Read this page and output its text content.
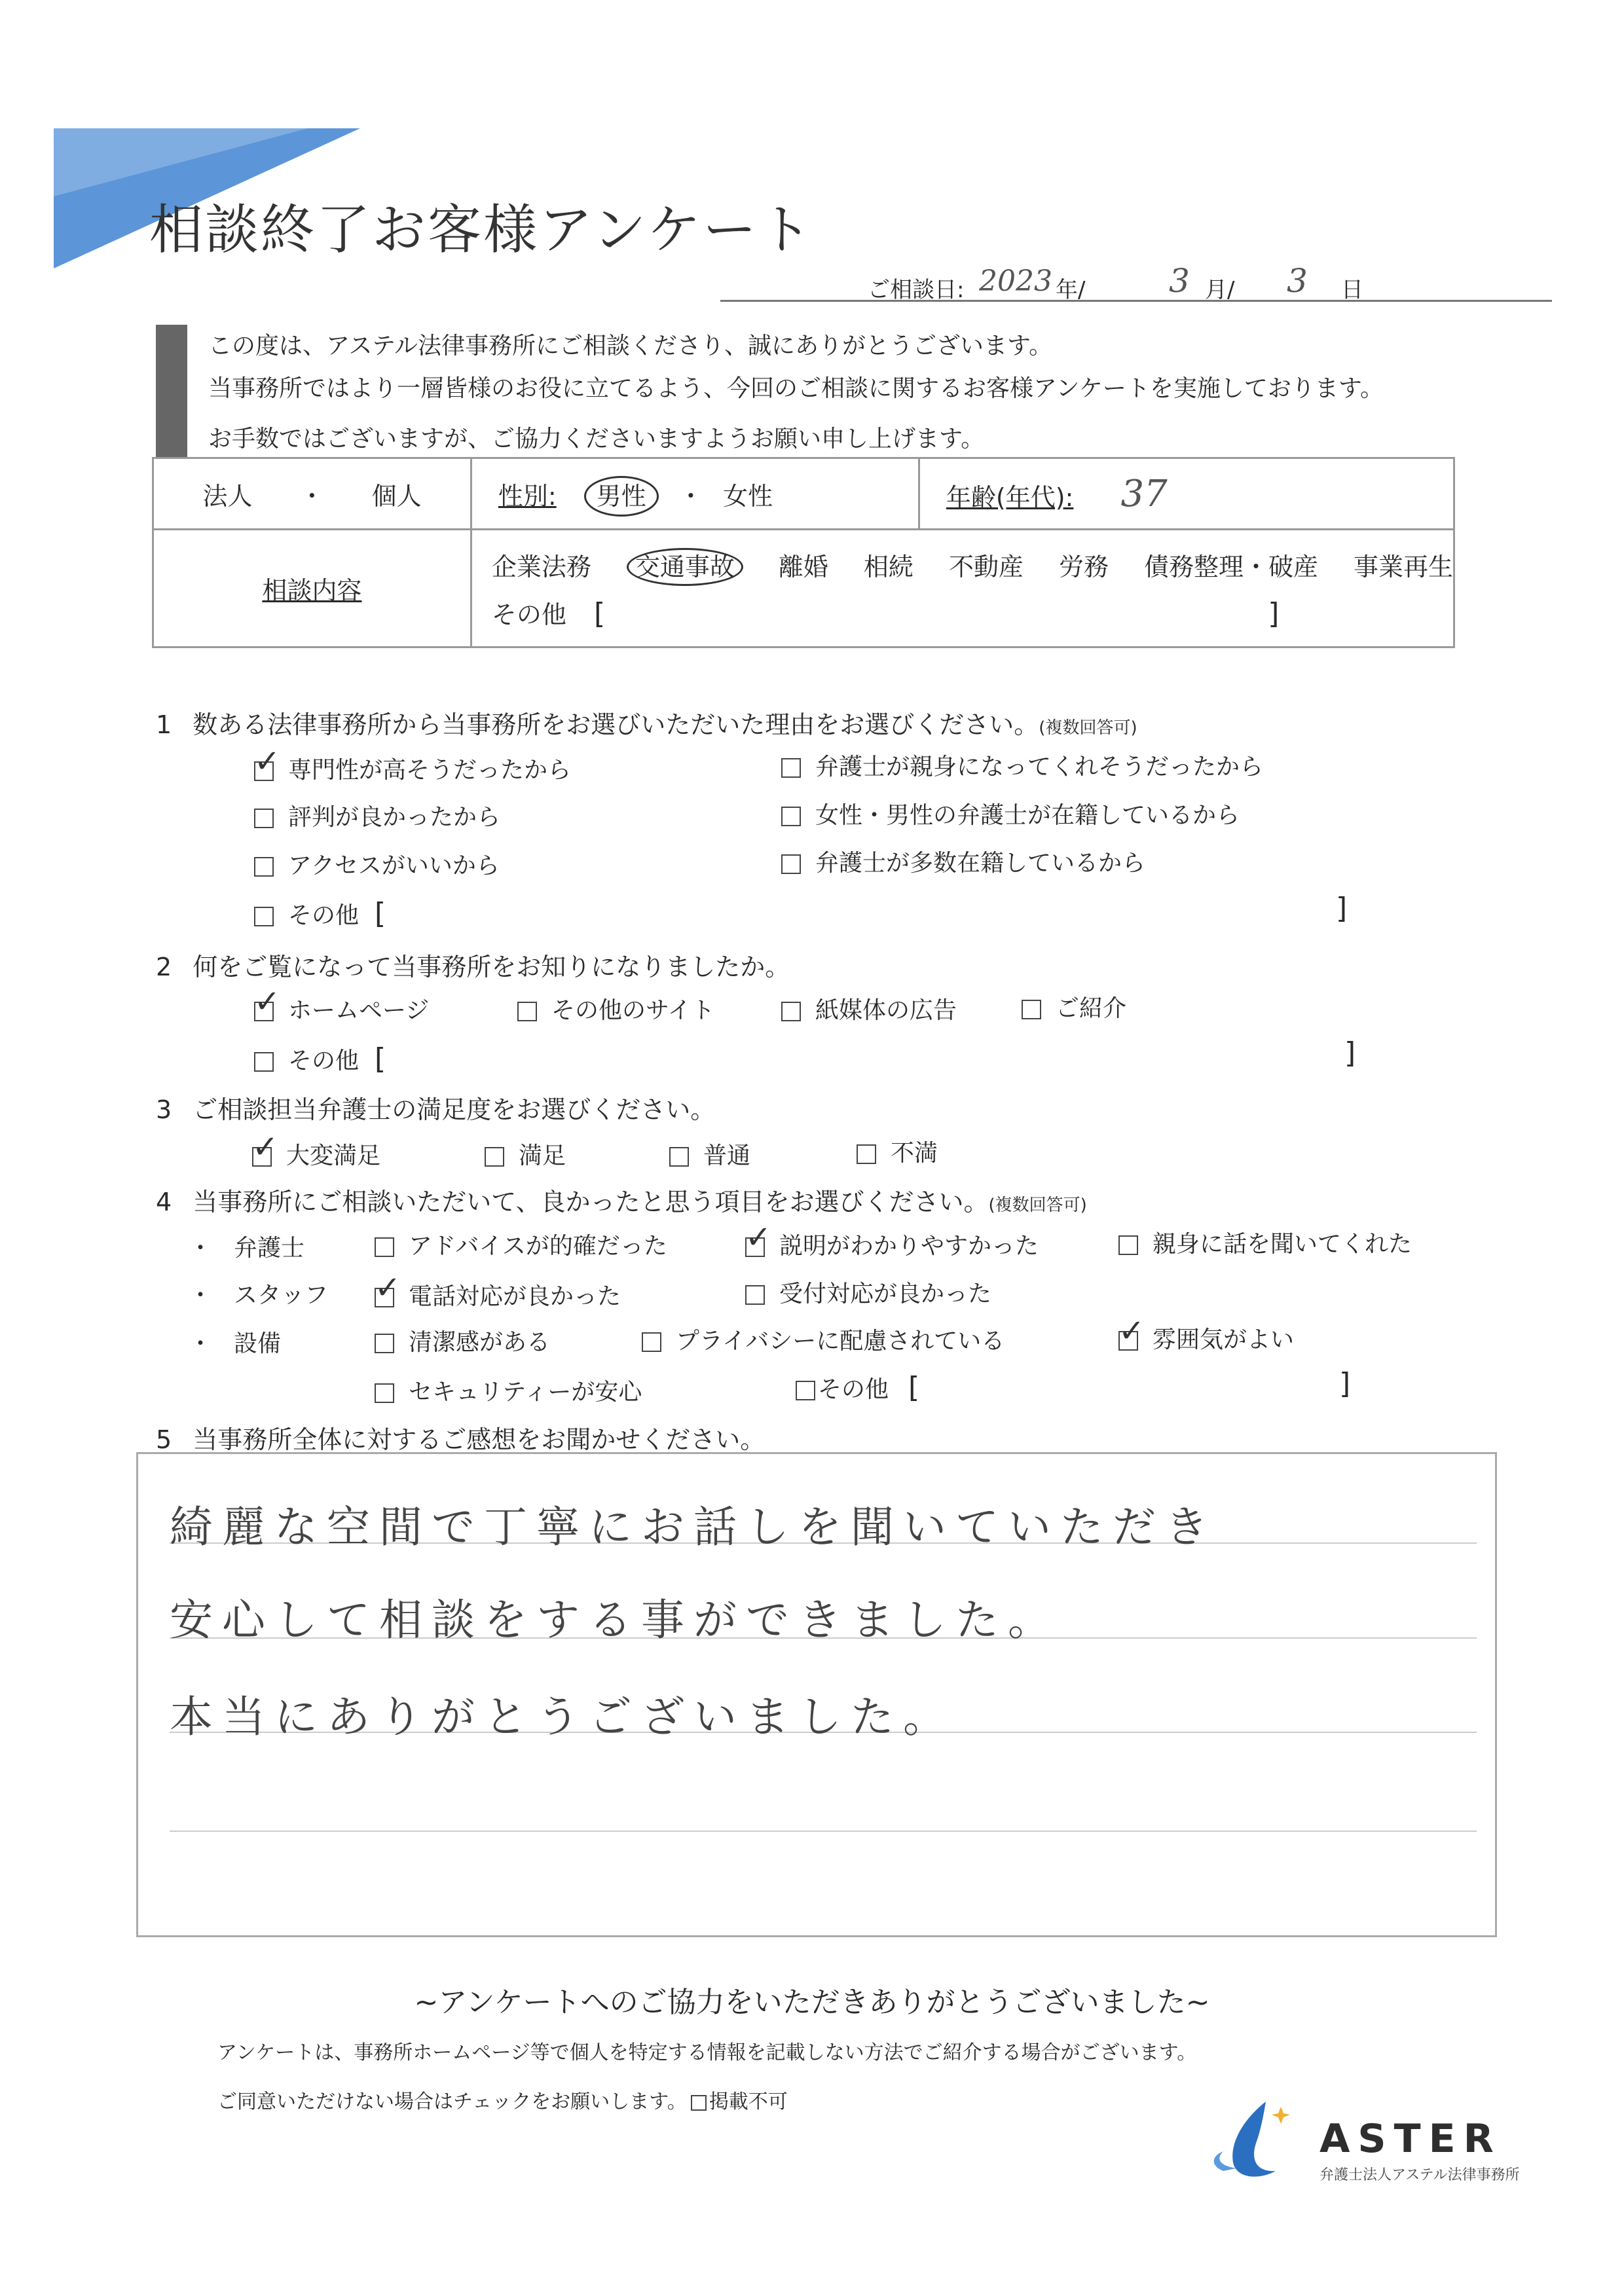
相談終了お客様アンケート
ご相談日: 2023 年/	3 月/ 3 日
この度は、アステル法律事務所にご相談くださり、誠にありがとうございます。
当事務所ではより一層皆様のお役に立てるよう、今回のご相談に関するお客様アンケートを実施しております。
お手数ではございますが、ご協力くださいますようお願い申し上げます。
法人 ・ 個人	性別: 男性 ・ 女性	年齢(年代): 37
相談内容	企業法務 交通事故 離婚 相続 不動産 労務 債務整理・破産 事業再生
その他 [ ]	
1 数ある法律事務所から当事務所をお選びいただいた理由をお選びください。(複数回答可)
✓専門性が高そうだったから
評判が良かったから
アクセスがいいから
弁護士が親身になってくれそうだったから
女性・男性の弁護士が在籍しているから
弁護士が多数在籍しているから
その他 [	]
2 何をご覧になって当事務所をお知りになりましたか。
✓ホームページ	その他のサイト	紙媒体の広告	ご紹介
その他 [	]
3 ご相談担当弁護士の満足度をお選びください。
✓大変満足	満足	普通	不満
4 当事務所にご相談いただいて、良かったと思う項目をお選びください。(複数回答可)
・ 弁護士	アドバイスが的確だった ✓	説明がわかりやすかった	親身に話を聞いてくれた
・ スタッフ ✓	電話対応が良かった	受付対応が良かった
・ 設備	清潔感がある	プライバシーに配慮されている ✓	雰囲気がよい
セキュリティーが安心	その他 [	]
5 当事務所全体に対するご感想をお聞かせください。
綺麗な空間で丁寧にお話しを聞いていただき
安心して相談をする事ができました。
本当にありがとうございました。
~アンケートへのご協力をいただきありがとうございました~
アンケートは、事務所ホームページ等で個人を特定する情報を記載しない方法でご紹介する場合がございます。
ご同意いただけない場合はチェックをお願いします。 掲載不可
ASTER
弁護士法人アステル法律事務所
